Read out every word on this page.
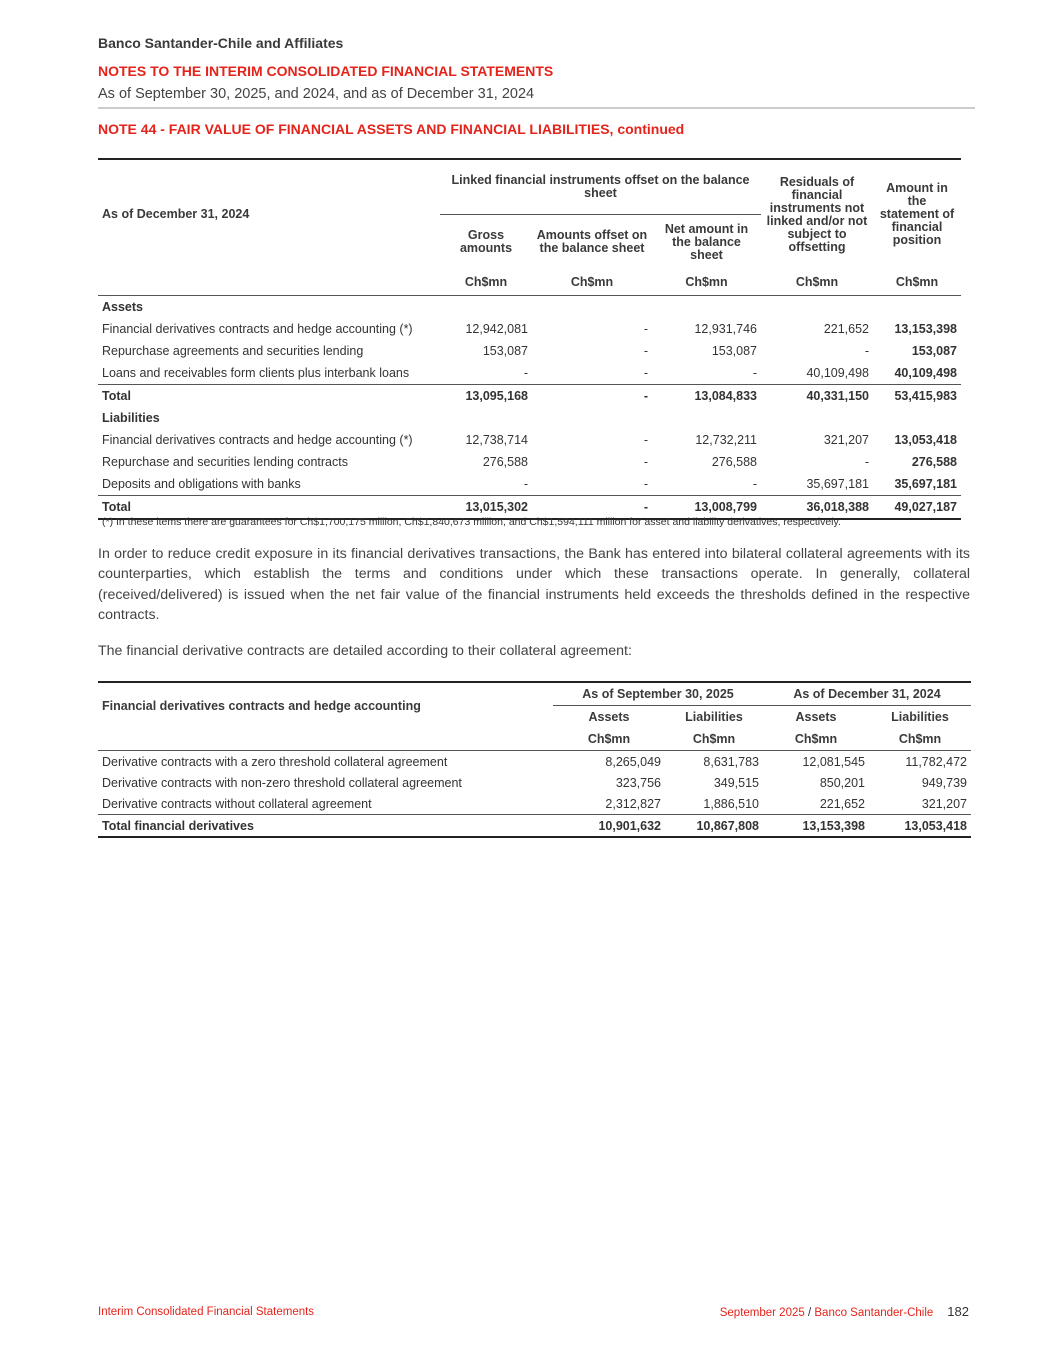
Banco Santander-Chile and Affiliates
NOTES TO THE INTERIM CONSOLIDATED FINANCIAL STATEMENTS
As of September 30, 2025, and 2024, and as of December 31, 2024
NOTE 44 - FAIR VALUE OF FINANCIAL ASSETS AND FINANCIAL LIABILITIES, continued
As of December 31, 2024	Linked financial instruments offset on the balance sheet			Residuals of financial instruments not linked and/or not subject to offsetting	Amount in the statement of financial position
	Gross amounts	Amounts offset on the balance sheet	Net amount in the balance sheet		
	Ch$mn	Ch$mn	Ch$mn	Ch$mn	Ch$mn
Assets					
Financial derivatives contracts and hedge accounting (*)	12,942,081	-	12,931,746	221,652	13,153,398
Repurchase agreements and securities lending	153,087	-	153,087	-	153,087
Loans and receivables form clients plus interbank loans	-	-	-	40,109,498	40,109,498
Total	13,095,168	-	13,084,833	40,331,150	53,415,983
Liabilities					
Financial derivatives contracts and hedge accounting (*)	12,738,714	-	12,732,211	321,207	13,053,418
Repurchase and securities lending contracts	276,588	-	276,588	-	276,588
Deposits and obligations with banks	-	-	-	35,697,181	35,697,181
Total	13,015,302	-	13,008,799	36,018,388	49,027,187
(*) In these items there are guarantees for Ch$1,700,175 million, Ch$1,840,673 million, and Ch$1,594,111 million for asset and liability derivatives, respectively.
In order to reduce credit exposure in its financial derivatives transactions, the Bank has entered into bilateral collateral agreements with its counterparties, which establish the terms and conditions under which these transactions operate. In generally, collateral (received/delivered) is issued when the net fair value of the financial instruments held exceeds the thresholds defined in the respective contracts.
The financial derivative contracts are detailed according to their collateral agreement:
Financial derivatives contracts and hedge accounting	As of September 30, 2025		As of December 31, 2024	
	Assets	Liabilities	Assets	Liabilities
	Ch$mn	Ch$mn	Ch$mn	Ch$mn
Derivative contracts with a zero threshold collateral agreement	8,265,049	8,631,783	12,081,545	11,782,472
Derivative contracts with non-zero threshold collateral agreement	323,756	349,515	850,201	949,739
Derivative contracts without collateral agreement	2,312,827	1,886,510	221,652	321,207
Total financial derivatives	10,901,632	10,867,808	13,153,398	13,053,418
Interim Consolidated Financial Statements	September 2025 / Banco Santander-Chile 182
